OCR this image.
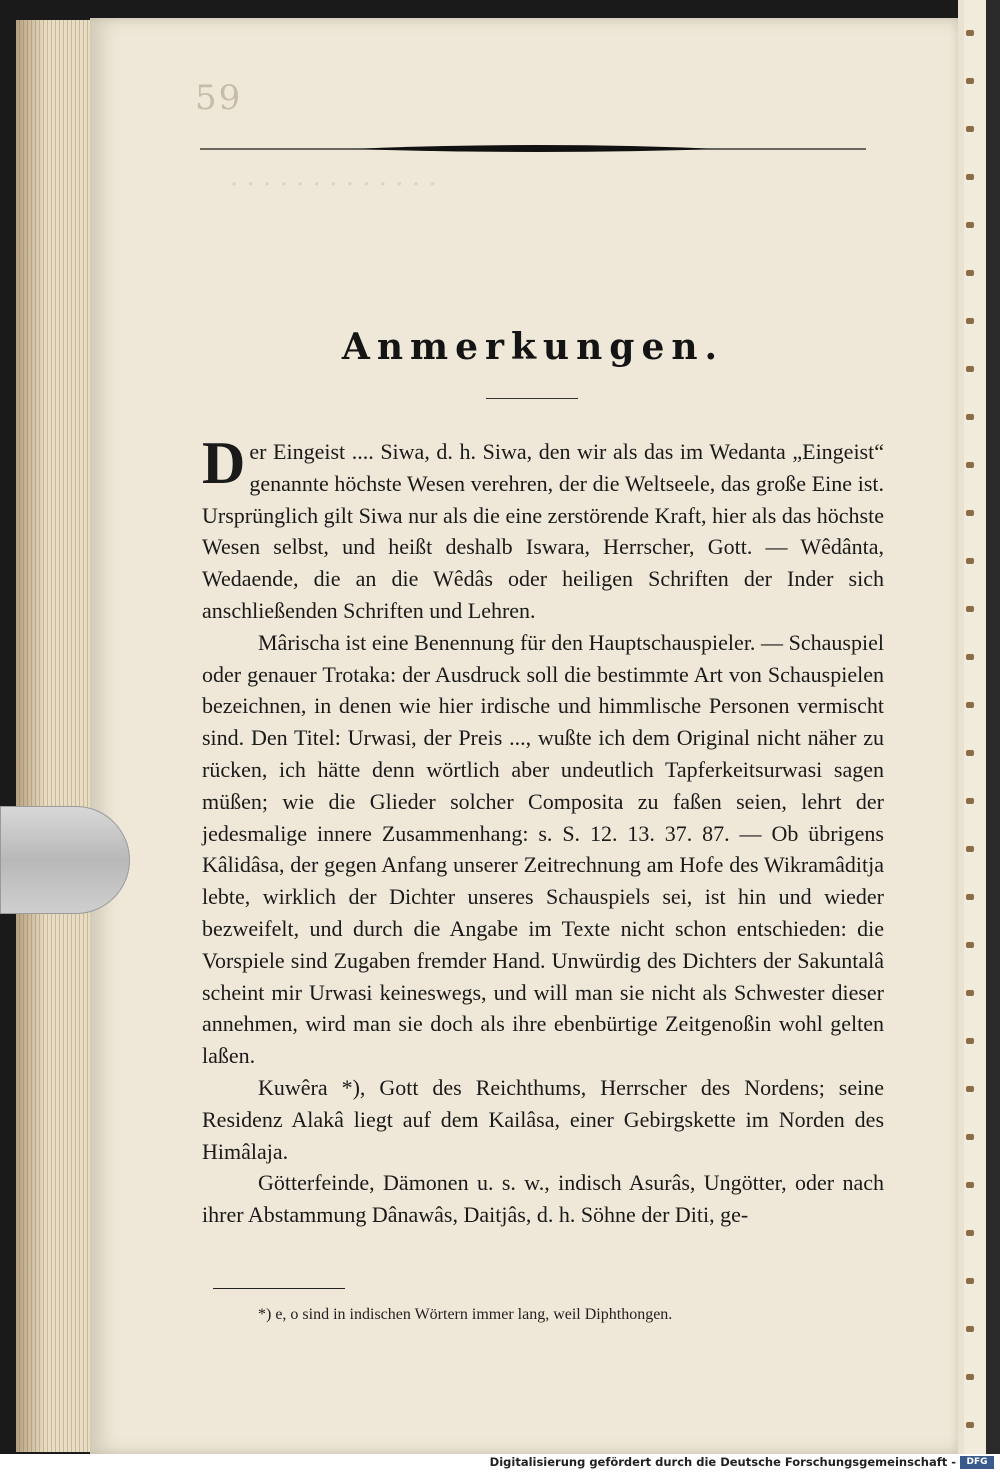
59
· · · · · · · · · · · · ·
Anmerkungen.

D er Eingeist .... Siwa, d. h. Siwa, den wir als das im Wedanta „Eingeist“ genannte höchste Wesen verehren, der die Weltseele, das große Eine ist. Ursprünglich gilt Siwa nur als die eine zerstörende Kraft, hier als das höchste Wesen selbst, und heißt deshalb Iswara, Herrscher, Gott. — Wêdânta, Wedaende, die an die Wêdâs oder heiligen Schriften der Inder sich anschließenden Schriften und Lehren.

Mârischa ist eine Benennung für den Hauptschauspieler. — Schauspiel oder genauer Trotaka: der Ausdruck soll die bestimmte Art von Schauspielen bezeichnen, in denen wie hier irdische und himmlische Personen vermischt sind. Den Titel: Urwasi, der Preis ..., wußte ich dem Original nicht näher zu rücken, ich hätte denn wörtlich aber undeutlich Tapferkeitsurwasi sagen müßen; wie die Glieder solcher Composita zu faßen seien, lehrt der jedesmalige innere Zusammenhang: s. S. 12. 13. 37. 87. — Ob übrigens Kâlidâsa, der gegen Anfang unserer Zeitrechnung am Hofe des Wikramâditja lebte, wirklich der Dichter unseres Schauspiels sei, ist hin und wieder bezweifelt, und durch die Angabe im Texte nicht schon entschieden: die Vorspiele sind Zugaben fremder Hand. Unwürdig des Dichters der Sakuntalâ scheint mir Urwasi keineswegs, und will man sie nicht als Schwester dieser annehmen, wird man sie doch als ihre ebenbürtige Zeitgenoßin wohl gelten laßen.

Kuwêra *), Gott des Reichthums, Herrscher des Nordens; seine Residenz Alakâ liegt auf dem Kailâsa, einer Gebirgskette im Norden des Himâlaja.

Götterfeinde, Dämonen u. s. w., indisch Asurâs, Ungötter, oder nach ihrer Abstammung Dânawâs, Daitjâs, d. h. Söhne der Diti, ge-

*) e, o sind in indischen Wörtern immer lang, weil Diphthongen.
Digitalisierung gefördert durch die Deutsche Forschungsgemeinschaft -	DFG
